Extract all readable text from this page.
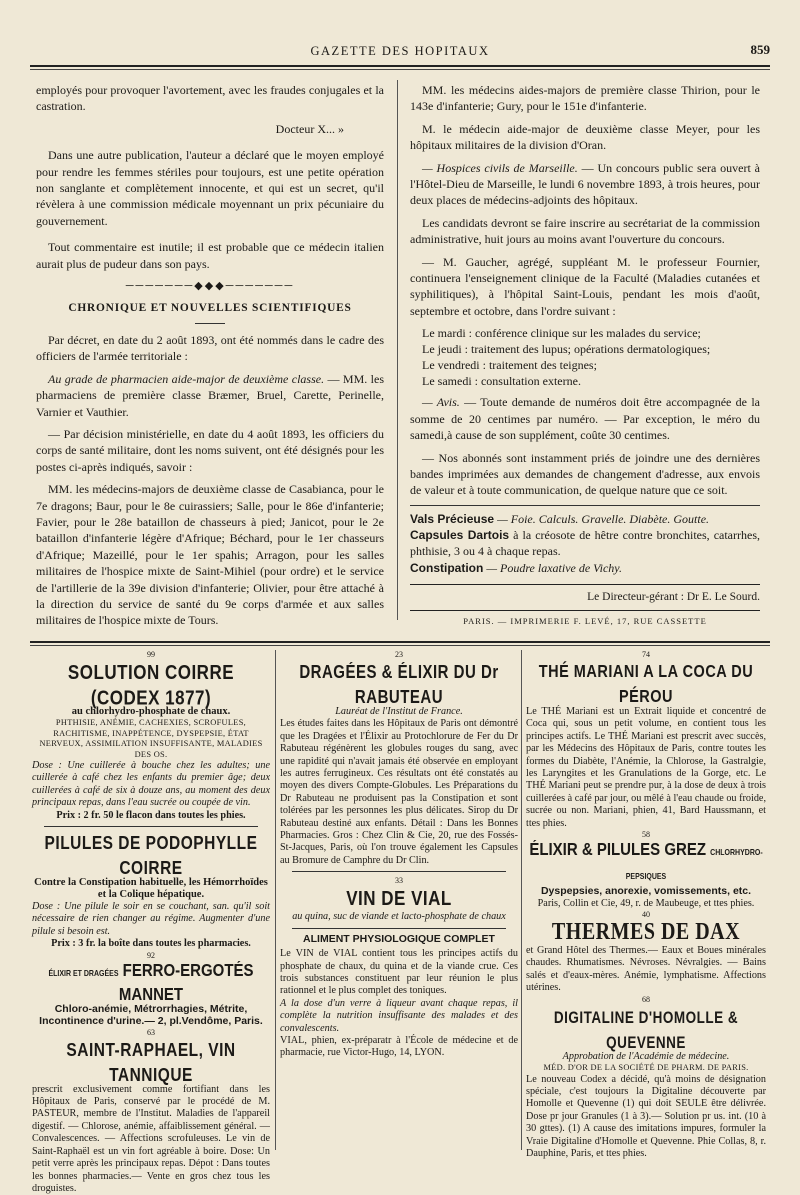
GAZETTE DES HOPITAUX	859

employés pour provoquer l'avortement, avec les fraudes conjugales et la castration.

Docteur X... »

Dans une autre publication, l'auteur a déclaré que le moyen employé pour rendre les femmes stériles pour toujours, est une petite opération non sanglante et complètement innocente, et qui est un secret, qu'il révèlera à une commission médicale moyennant un prix pécuniaire du gouvernement.

Tout commentaire est inutile; il est probable que ce médecin italien aurait plus de pudeur dans son pays.

───────◆◆◆───────
CHRONIQUE ET NOUVELLES SCIENTIFIQUES

Par décret, en date du 2 août 1893, ont été nommés dans le cadre des officiers de l'armée territoriale :

Au grade de pharmacien aide-major de deuxième classe. — MM. les pharmaciens de première classe Bræmer, Bruel, Carette, Perinelle, Varnier et Vauthier.

— Par décision ministérielle, en date du 4 août 1893, les officiers du corps de santé militaire, dont les noms suivent, ont été désignés pour les postes ci-après indiqués, savoir :

MM. les médecins-majors de deuxième classe de Casabianca, pour le 7e dragons; Baur, pour le 8e cuirassiers; Salle, pour le 86e d'infanterie; Favier, pour le 28e bataillon de chasseurs à pied; Janicot, pour le 2e bataillon d'infanterie légère d'Afrique; Béchard, pour le 1er chasseurs d'Afrique; Mazeillé, pour le 1er spahis; Arragon, pour les salles militaires de l'hospice mixte de Saint-Mihiel (pour ordre) et le service de l'artillerie de la 39e division d'infanterie; Olivier, pour être attaché à la direction du service de santé du 9e corps d'armée et aux salles militaires de l'hospice mixte de Tours.

MM. les médecins aides-majors de première classe Thirion, pour le 143e d'infanterie; Gury, pour le 151e d'infanterie.

M. le médecin aide-major de deuxième classe Meyer, pour les hôpitaux militaires de la division d'Oran.

— Hospices civils de Marseille. — Un concours public sera ouvert à l'Hôtel-Dieu de Marseille, le lundi 6 novembre 1893, à trois heures, pour deux places de médecins-adjoints des hôpitaux.

Les candidats devront se faire inscrire au secrétariat de la commission administrative, huit jours au moins avant l'ouverture du concours.

— M. Gaucher, agrégé, suppléant M. le professeur Fournier, continuera l'enseignement clinique de la Faculté (Maladies cutanées et syphilitiques), à l'hôpital Saint-Louis, pendant les mois d'août, septembre et octobre, dans l'ordre suivant :

Le mardi : conférence clinique sur les malades du service;
Le jeudi : traitement des lupus; opérations dermatologiques;
Le vendredi : traitement des teignes;
Le samedi : consultation externe.

— Avis. — Toute demande de numéros doit être accompagnée de la somme de 20 centimes par numéro. — Par exception, le méro du samedi,à cause de son supplément, coûte 30 centimes.

— Nos abonnés sont instamment priés de joindre une des dernières bandes imprimées aux demandes de changement d'adresse, aux envois de valeur et à toute communication, de quelque nature que ce soit.

Vals Précieuse — Foie. Calculs. Gravelle. Diabète. Goutte.

Capsules Dartois à la créosote de hêtre contre bronchites, catarrhes, phthisie, 3 ou 4 à chaque repas.

Constipation — Poudre laxative de Vichy.

Le Directeur-gérant : Dr E. Le Sourd.
PARIS. — IMPRIMERIE F. LEVÉ, 17, RUE CASSETTE
99
SOLUTION COIRRE (CODEX 1877)
au chlorhydro-phosphate de chaux.
PHTHISIE, ANÉMIE, CACHEXIES, SCROFULES, RACHITISME, INAPPÉTENCE, DYSPEPSIE, ÉTAT NERVEUX, ASSIMILATION INSUFFISANTE, MALADIES DES OS.
Dose : Une cuillerée à bouche chez les adultes; une cuillerée à café chez les enfants du premier âge; deux cuillerées à café de six à douze ans, au moment des deux principaux repas, dans l'eau sucrée ou coupée de vin.
Prix : 2 fr. 50 le flacon dans toutes les phies.
PILULES DE PODOPHYLLE COIRRE
Contre la Constipation habituelle, les Hémorrhoïdes et la Colique hépatique.
Dose : Une pilule le soir en se couchant, san. qu'il soit nécessaire de rien changer au régime. Augmenter d'une pilule si besoin est.
Prix : 3 fr. la boîte dans toutes les pharmacies.
92
ÉLIXIR ET DRAGÉES FERRO-ERGOTÉS MANNET
Chloro-anémie, Métrorrhagies, Métrite, Incontinence d'urine.— 2, pl.Vendôme, Paris.
63
SAINT-RAPHAEL, VIN TANNIQUE
prescrit exclusivement comme fortifiant dans les Hôpitaux de Paris, conservé par le procédé de M. PASTEUR, membre de l'Institut. Maladies de l'appareil digestif. — Chlorose, anémie, affaiblissement général. — Convalescences. — Affections scrofuleuses. Le vin de Saint-Raphaël est un vin fort agréable à boire. Dose: Un petit verre après les principaux repas. Dépot : Dans toutes les bonnes pharmacies.— Vente en gros chez tous les droguistes.
23
DRAGÉES & ÉLIXIR DU Dr RABUTEAU
Lauréat de l'Institut de France.
Les études faites dans les Hôpitaux de Paris ont démontré que les Dragées et l'Élixir au Protochlorure de Fer du Dr Rabuteau régénèrent les globules rouges du sang, avec une rapidité qui n'avait jamais été observée en employant les autres ferrugineux. Ces résultats ont été constatés au moyen des divers Compte-Globules. Les Préparations du Dr Rabuteau ne produisent pas la Constipation et sont tolérées par les personnes les plus délicates. Sirop du Dr Rabuteau destiné aux enfants. Détail : Dans les Bonnes Pharmacies. Gros : Chez Clin & Cie, 20, rue des Fossés-St-Jacques, Paris, où l'on trouve également les Capsules au Bromure de Camphre du Dr Clin.
33
VIN DE VIAL
au quina, suc de viande et lacto-phosphate de chaux
ALIMENT PHYSIOLOGIQUE COMPLET
Le VIN de VIAL contient tous les principes actifs du phosphate de chaux, du quina et de la viande crue. Ces trois substances constituent par leur réunion le plus rationnel et le plus complet des toniques.
A la dose d'un verre à liqueur avant chaque repas, il complète la nutrition insuffisante des malades et des convalescents.
VIAL, phien, ex-préparatr à l'École de médecine et de pharmacie, rue Victor-Hugo, 14, LYON.
74
THÉ MARIANI A LA COCA DU PÉROU
Le THÉ Mariani est un Extrait liquide et concentré de Coca qui, sous un petit volume, en contient tous les principes actifs. Le THÉ Mariani est prescrit avec succès, par les Médecins des Hôpitaux de Paris, contre toutes les formes du Diabète, l'Anémie, la Chlorose, la Gastralgie, les Laryngites et les Granulations de la Gorge, etc. Le THÉ Mariani peut se prendre pur, à la dose de deux à trois cuillerées à café par jour, ou mêlé à l'eau chaude ou froide, sucrée ou non. Mariani, phien, 41, Bard Haussmann, et ttes phies.
58
ÉLIXIR & PILULES GREZ CHLORHYDRO-PEPSIQUES
Dyspepsies, anorexie, vomissements, etc.
Paris, Collin et Cie, 49, r. de Maubeuge, et ttes phies.
40
THERMES DE DAX
et Grand Hôtel des Thermes.— Eaux et Boues minérales chaudes. Rhumatismes. Névroses. Névralgies. — Bains salés et d'eaux-mères. Anémie, lymphatisme. Affections utérines.
68
DIGITALINE D'HOMOLLE & QUEVENNE
Approbation de l'Académie de médecine.
MÉD. D'OR DE LA SOCIÉTÉ DE PHARM. DE PARIS.
Le nouveau Codex a décidé, qu'à moins de désignation spéciale, c'est toujours la Digitaline découverte par Homolle et Quevenne (1) qui doit SEULE être délivrée. Dose pr jour Granules (1 à 3).— Solution pr us. int. (10 à 30 gttes). (1) A cause des imitations impures, formuler la Vraie Digitaline d'Homolle et Quevenne. Phie Collas, 8, r. Dauphine, Paris, et ttes phies.
